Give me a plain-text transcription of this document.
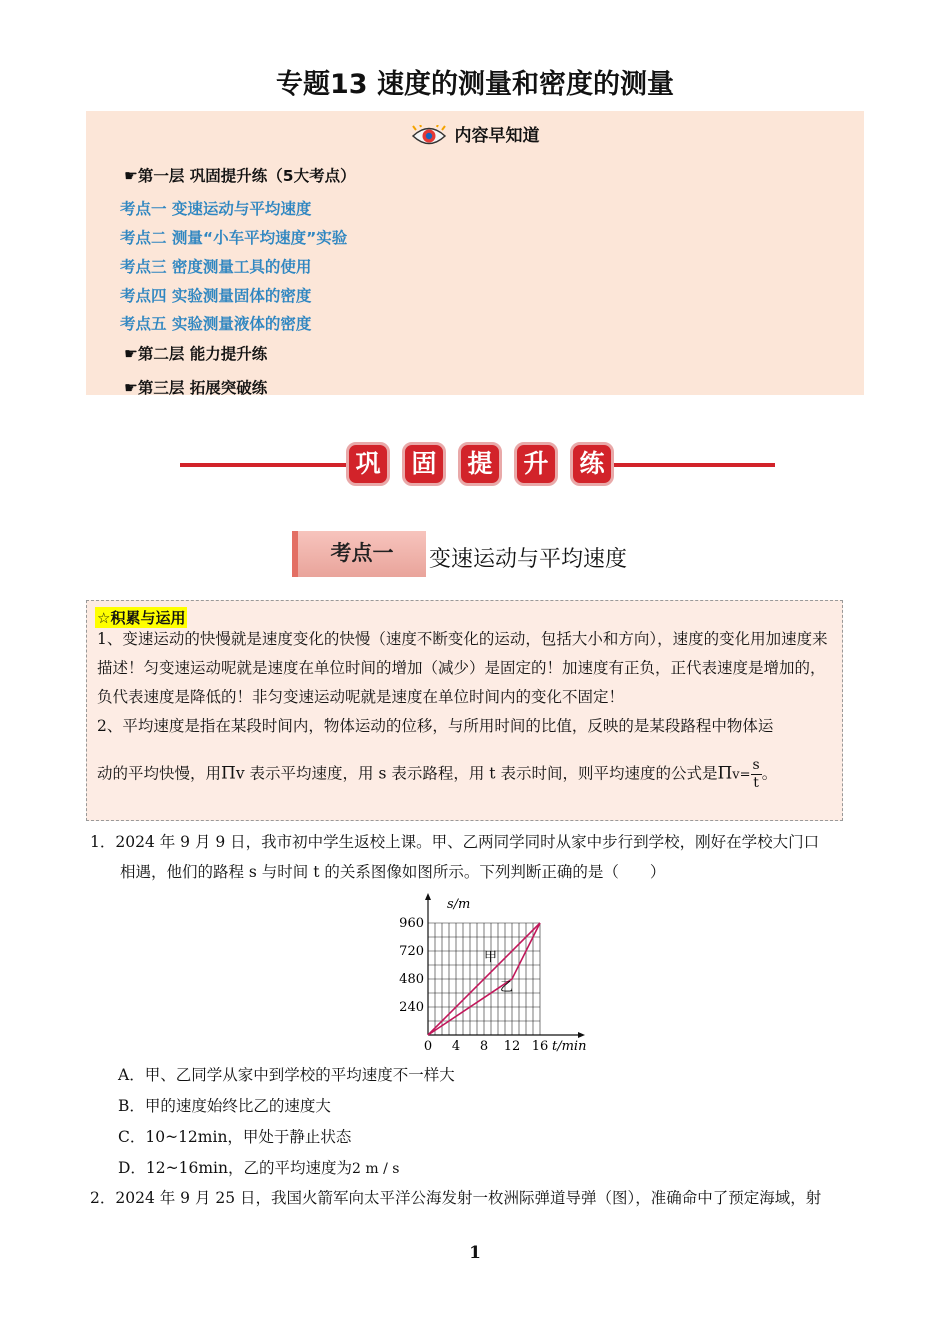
专题13 速度的测量和密度的测量
内容早知道
☛第一层 巩固提升练（5大考点）
考点一 变速运动与平均速度
考点二 测量“小车平均速度”实验
考点三 密度测量工具的使用
考点四 实验测量固体的密度
考点五 实验测量液体的密度
☛第二层 能力提升练
☛第三层 拓展突破练
巩	固	提	升	练
考点一	变速运动与平均速度
☆积累与运用

1、变速运动的快慢就是速度变化的快慢（速度不断变化的运动，包括大小和方向），速度的变化用加速度来描述！匀变速运动呢就是速度在单位时间的增加（减少）是固定的！加速度有正负，正代表速度是增加的，负代表速度是降低的！非匀变速运动呢就是速度在单位时间内的变化不固定！

2、平均速度是指在某段时间内，物体运动的位移，与所用时间的比值，反映的是某段路程中物体运

动的平均快慢，用Πv 表示平均速度，用 s 表示路程，用 t 表示时间，则平均速度的公式是$\Pi v= \frac{s}{t}$ 。

1．2024 年 9 月 9 日，我市初中学生返校上课。甲、乙两同学同时从家中步行到学校，刚好在学校大门口
相遇，他们的路程 s 与时间 t 的关系图像如图所示。下列判断正确的是（　　）
0 4 8 12 16
240
480
720
960
s/m
t/min
甲
乙
A．甲、乙同学从家中到学校的平均速度不一样大
B．甲的速度始终比乙的速度大
C．10~12min，甲处于静止状态
D．12~16min，乙的平均速度为2 m / s
2．2024 年 9 月 25 日，我国火箭军向太平洋公海发射一枚洲际弹道导弹（图），准确命中了预定海域，射
1
